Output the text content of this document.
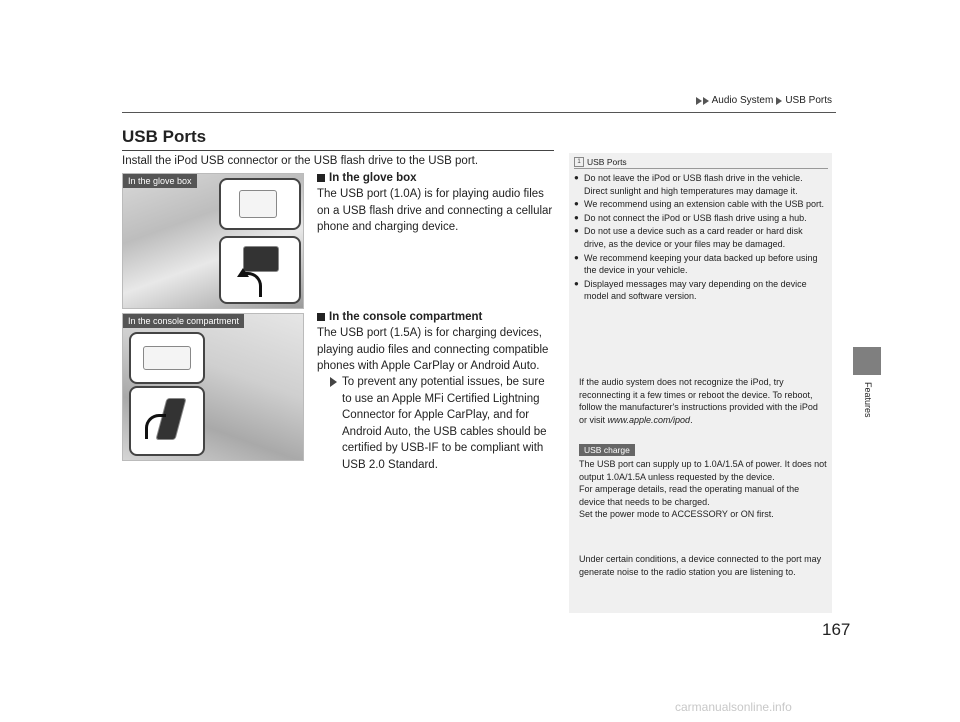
Audio System USB Ports
Features
USB Ports
Install the iPod USB connector or the USB flash drive to the USB port.
In the glove box
In the console compartment
In the glove box
The USB port (1.0A) is for playing audio files on a USB flash drive and connecting a cellular phone and charging device.
In the console compartment
The USB port (1.5A) is for charging devices, playing audio files and connecting compatible phones with Apple CarPlay or Android Auto.
To prevent any potential issues, be sure to use an Apple MFi Certified Lightning Connector for Apple CarPlay, and for Android Auto, the USB cables should be certified by USB-IF to be compliant with USB 2.0 Standard.
1 USB Ports
● Do not leave the iPod or USB flash drive in the vehicle. Direct sunlight and high temperatures may damage it.
● We recommend using an extension cable with the USB port.
● Do not connect the iPod or USB flash drive using a hub.
● Do not use a device such as a card reader or hard disk drive, as the device or your files may be damaged.
● We recommend keeping your data backed up before using the device in your vehicle.
● Displayed messages may vary depending on the device model and software version.
If the audio system does not recognize the iPod, try reconnecting it a few times or reboot the device. To reboot, follow the manufacturer's instructions provided with the iPod or visit www.apple.com/ipod.
USB charge
The USB port can supply up to 1.0A/1.5A of power. It does not output 1.0A/1.5A unless requested by the device.
For amperage details, read the operating manual of the device that needs to be charged.
Set the power mode to ACCESSORY or ON first.
Under certain conditions, a device connected to the port may generate noise to the radio station you are listening to.
167
carmanualsonline.info
